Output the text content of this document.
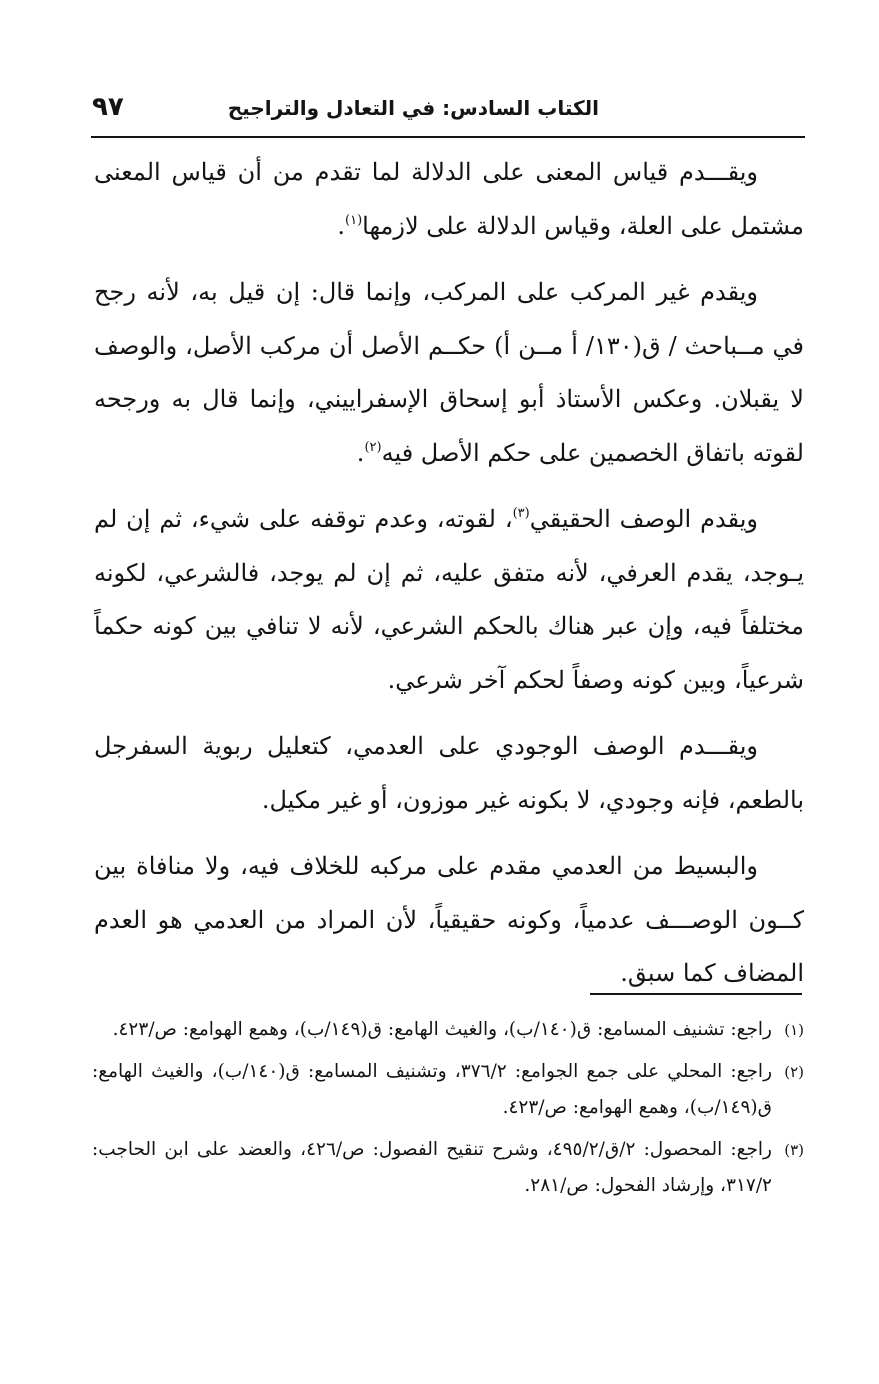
الكتاب السادس: في التعادل والتراجيح
٩٧

ويقـــدم قياس المعنى على الدلالة لما تقدم من أن قياس المعنى مشتمل على العلة، وقياس الدلالة على لازمها$^{(١)}$.

ويقدم غير المركب على المركب، وإنما قال: إن قيل به، لأنه رجح في مــباحث / ق(١٣٠/ أ مــن أ) حكــم الأصل أن مركب الأصل، والوصف لا يقبلان. وعكس الأستاذ أبو إسحاق الإسفراييني، وإنما قال به ورجحه لقوته باتفاق الخصمين على حكم الأصل فيه$^{(٢)}$.

ويقدم الوصف الحقيقي$^{(٣)}$، لقوته، وعدم توقفه على شيء، ثم إن لم يـوجد، يقدم العرفي، لأنه متفق عليه، ثم إن لم يوجد، فالشرعي، لكونه مختلفاً فيه، وإن عبر هناك بالحكم الشرعي، لأنه لا تنافي بين كونه حكماً شرعياً، وبين كونه وصفاً لحكم آخر شرعي.

ويقـــدم الوصف الوجودي على العدمي، كتعليل ربوية السفرجل بالطعم، فإنه وجودي، لا بكونه غير موزون، أو غير مكيل.

والبسيط من العدمي مقدم على مركبه للخلاف فيه، ولا منافاة بين كــون الوصـــف عدمياً، وكونه حقيقياً، لأن المراد من العدمي هو العدم المضاف كما سبق.

(١)راجع: تشنيف المسامع: ق(١٤٠/ب)، والغيث الهامع: ق(١٤٩/ب)، وهمع الهوامع: ص/٤٢٣.
(٢)راجع: المحلي على جمع الجوامع: ٣٧٦/٢، وتشنيف المسامع: ق(١٤٠/ب)، والغيث الهامع: ق(١٤٩/ب)، وهمع الهوامع: ص/٤٢٣.
(٣)راجع: المحصول: ٢/ق/٤٩٥/٢، وشرح تنقيح الفصول: ص/٤٢٦، والعضد على ابن الحاجب: ٣١٧/٢، وإرشاد الفحول: ص/٢٨١.
